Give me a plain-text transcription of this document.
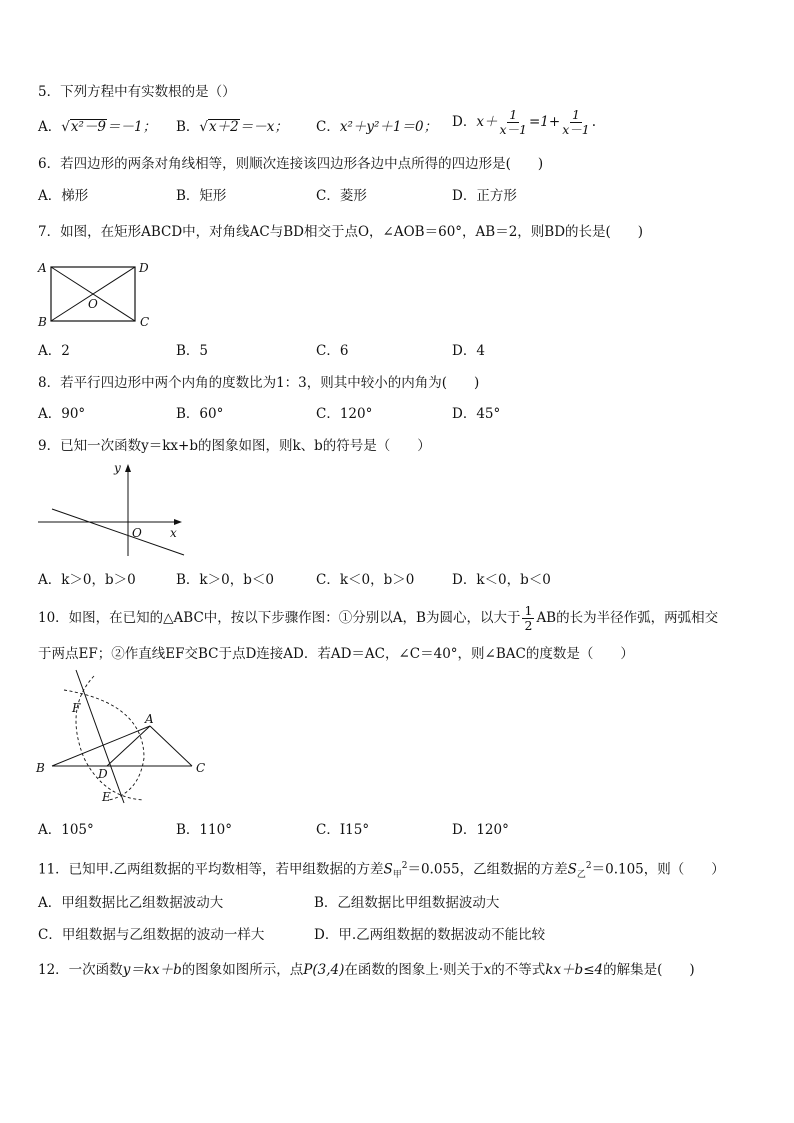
5．下列方程中有实数根的是（）
A．√x²－9＝－1； B．√x＋2＝－x； C．x²＋y²＋1＝0； D．$x+ \frac{1}{x-1} =1+ \frac{1}{x-1}$ .
6．若四边形的两条对角线相等，则顺次连接该四边形各边中点所得的四边形是(　　)
A．梯形	B．矩形	C．菱形	D．正方形
7．如图，在矩形ABCD中，对角线AC与BD相交于点O，∠AOB＝60°，AB＝2，则BD的长是(　　)
A	D
O
B	C
A．2	B．5	C．6	D．4
8．若平行四边形中两个内角的度数比为1：3，则其中较小的内角为(　　)
A．90°	B．60°	C．120°	D．45°
9．已知一次函数y＝kx+b的图象如图，则k、b的符号是（　　）
y
x
O
A．k＞0，b＞0	B．k＞0，b＜0	C．k＜0，b＞0	D．k＜0，b＜0
10．如图，在已知的△ABC中，按以下步骤作图：①分别以A，B为圆心，以大于 $\frac{1}{2}$ AB的长为半径作弧，两弧相交
于两点EF；②作直线EF交BC于点D连接AD．若AD＝AC，∠C＝40°，则∠BAC的度数是（　　）
F
A
B	C
D
E
A．105°	B．110°	C．I15°	D．120°
11．已知甲.乙两组数据的平均数相等，若甲组数据的方差$S_甲^2=0.055$，乙组数据的方差$S_乙^2=0.105$，则（　　）
A．甲组数据比乙组数据波动大	B．乙组数据比甲组数据波动大
C．甲组数据与乙组数据的波动一样大	D．甲.乙两组数据的数据波动不能比较
12．一次函数y＝kx＋b的图象如图所示，点P(3,4)在函数的图象上·则关于x的不等式kx＋b≤4的解集是(　　)
